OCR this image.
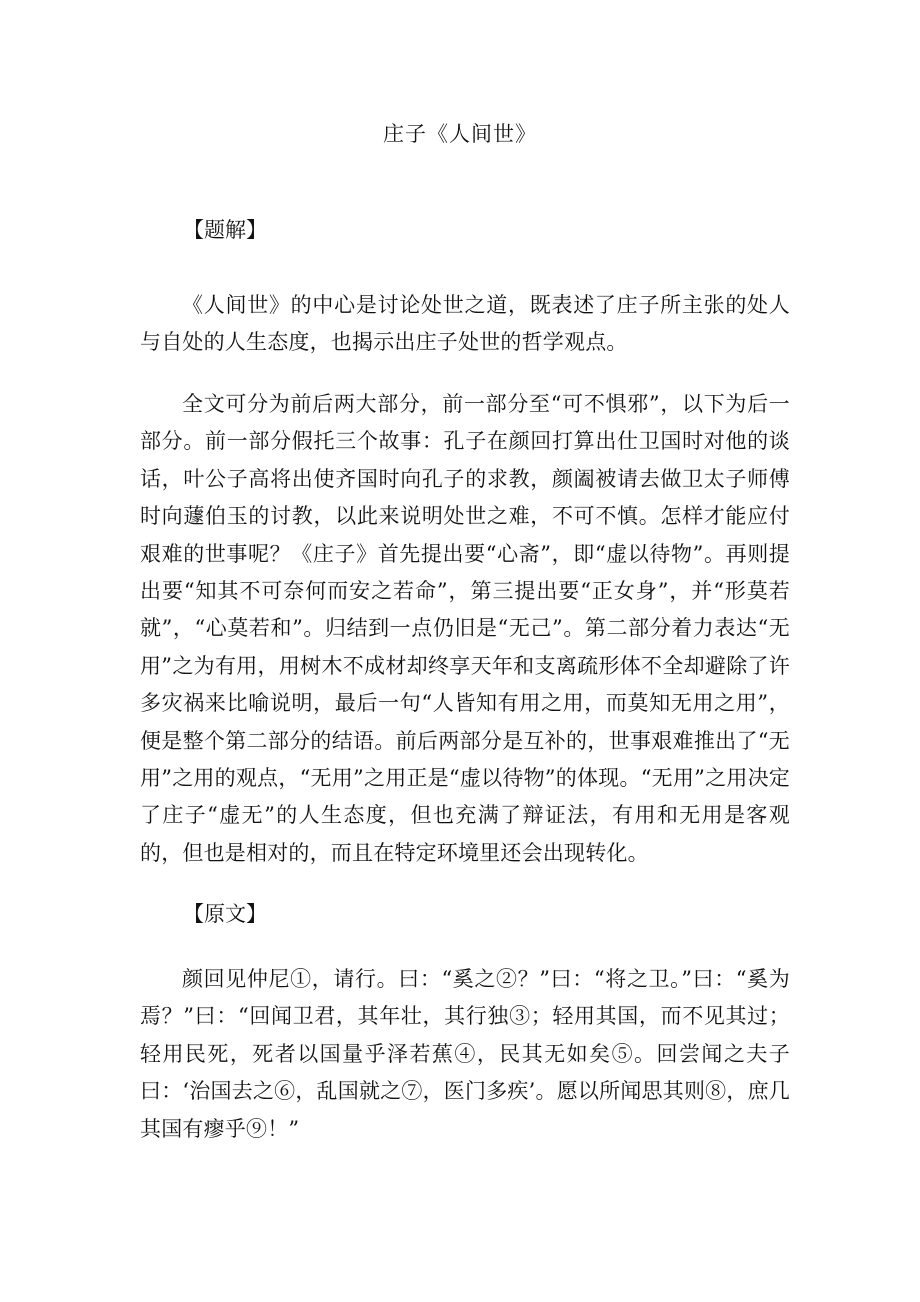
庄子《人间世》
【题解】
《人间世》的中心是讨论处世之道，既表述了庄子所主张的处人与自处的人生态度，也揭示出庄子处世的哲学观点。
全文可分为前后两大部分，前一部分至“可不惧邪”，以下为后一部分。前一部分假托三个故事：孔子在颜回打算出仕卫国时对他的谈话，叶公子高将出使齐国时向孔子的求教，颜阖被请去做卫太子师傅时向蘧伯玉的讨教，以此来说明处世之难，不可不慎。怎样才能应付艰难的世事呢？《庄子》首先提出要“心斋”，即“虚以待物”。再则提出要“知其不可奈何而安之若命”，第三提出要“正女身”，并“形莫若就”，“心莫若和”。归结到一点仍旧是“无己”。第二部分着力表达“无用”之为有用，用树木不成材却终享天年和支离疏形体不全却避除了许多灾祸来比喻说明，最后一句“人皆知有用之用，而莫知无用之用”，便是整个第二部分的结语。前后两部分是互补的，世事艰难推出了“无用”之用的观点，“无用”之用正是“虚以待物”的体现。“无用”之用决定了庄子“虚无”的人生态度，但也充满了辩证法，有用和无用是客观的，但也是相对的，而且在特定环境里还会出现转化。
【原文】
颜回见仲尼①，请行。曰：“奚之②？”曰：“将之卫。”曰：“奚为焉？”曰：“回闻卫君，其年壮，其行独③；轻用其国，而不见其过；轻用民死，死者以国量乎泽若蕉④，民其无如矣⑤。回尝闻之夫子曰：‘治国去之⑥，乱国就之⑦，医门多疾’。愿以所闻思其则⑧，庶几其国有瘳乎⑨！”
